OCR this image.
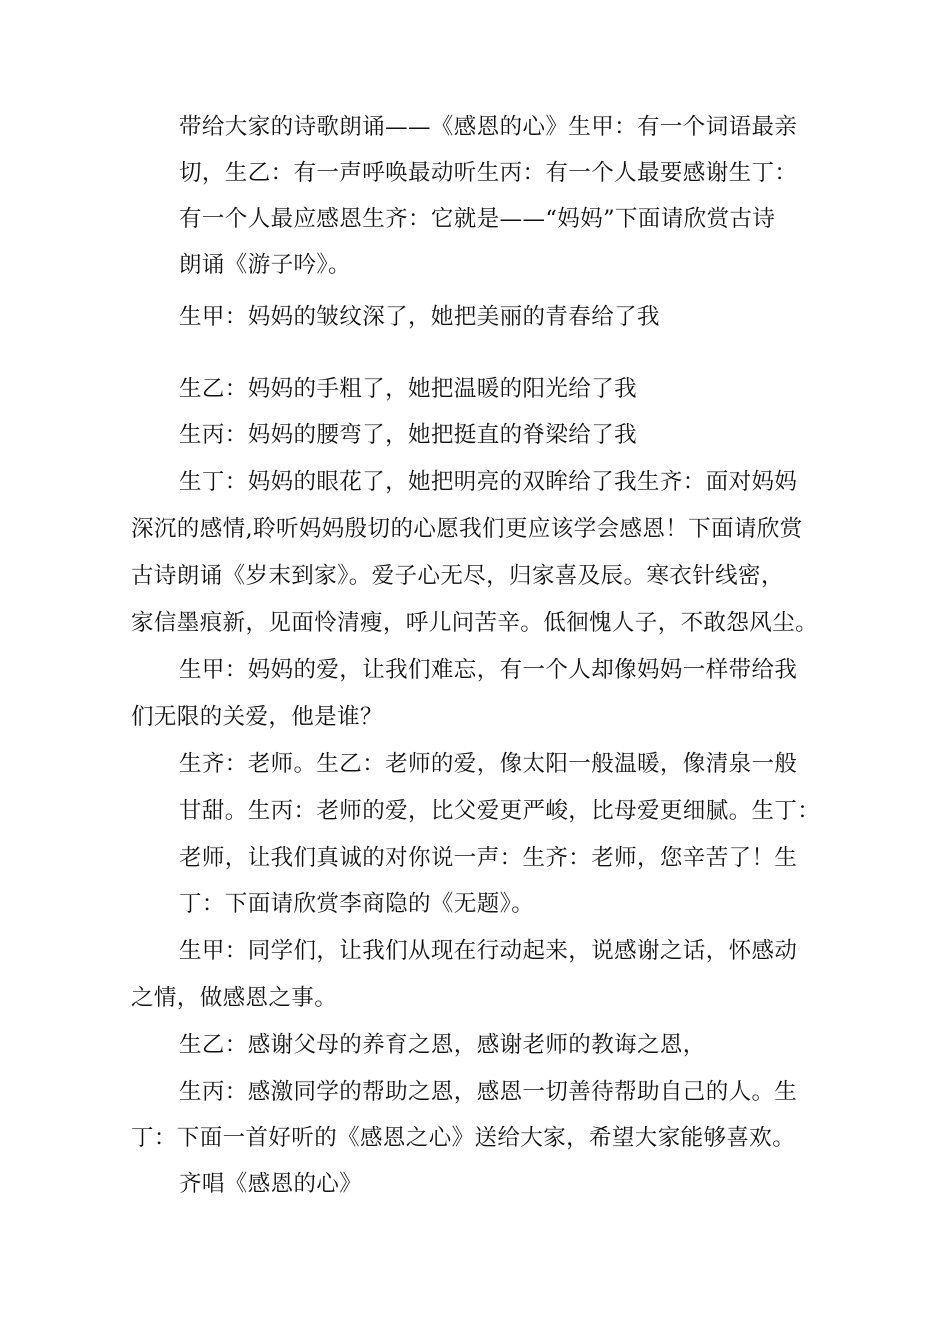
带给大家的诗歌朗诵——《感恩的心》生甲：有一个词语最亲
切，生乙：有一声呼唤最动听生丙：有一个人最要感谢生丁：
有一个人最应感恩生齐：它就是——“妈妈”下面请欣赏古诗
朗诵《游子吟》。
生甲：妈妈的皱纹深了，她把美丽的青春给了我
生乙：妈妈的手粗了，她把温暖的阳光给了我
生丙：妈妈的腰弯了，她把挺直的脊梁给了我
生丁：妈妈的眼花了，她把明亮的双眸给了我生齐：面对妈妈
深沉的感情,聆听妈妈殷切的心愿我们更应该学会感恩！下面请欣赏
古诗朗诵《岁末到家》。爱子心无尽，归家喜及辰。寒衣针线密，
家信墨痕新，见面怜清瘦，呼儿问苦辛。低徊愧人子，不敢怨风尘。
生甲：妈妈的爱，让我们难忘，有一个人却像妈妈一样带给我
们无限的关爱，他是谁？
生齐：老师。生乙：老师的爱，像太阳一般温暖，像清泉一般
甘甜。生丙：老师的爱，比父爱更严峻，比母爱更细腻。生丁：
老师，让我们真诚的对你说一声：生齐：老师，您辛苦了！生
丁：下面请欣赏李商隐的《无题》。
生甲：同学们，让我们从现在行动起来，说感谢之话，怀感动
之情，做感恩之事。
生乙：感谢父母的养育之恩，感谢老师的教诲之恩，
生丙：感激同学的帮助之恩，感恩一切善待帮助自己的人。生
丁：下面一首好听的《感恩之心》送给大家，希望大家能够喜欢。
齐唱《感恩的心》
